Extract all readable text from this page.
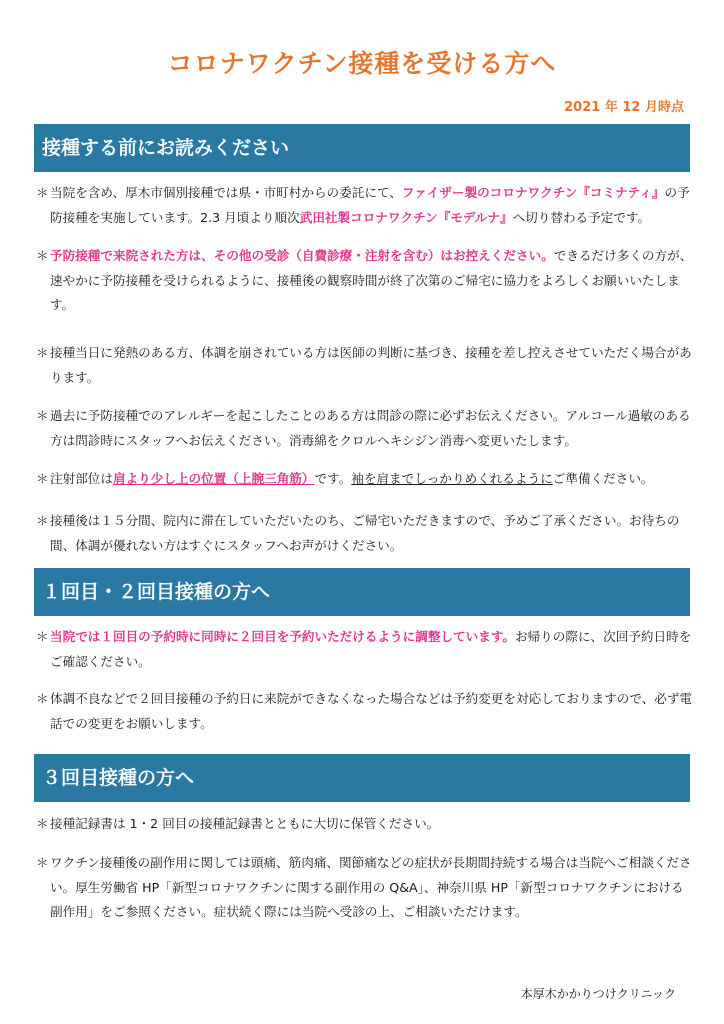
コロナワクチン接種を受ける方へ
2021 年 12 月時点
接種する前にお読みください
＊ 当院を含め、厚木市個別接種では県・市町村からの委託にて、ファイザー製のコロナワクチン『コミナティ』の予防接種を実施しています。2.3 月頃より順次武田社製コロナワクチン『モデルナ』へ切り替わる予定です。
＊ 予防接種で来院された方は、その他の受診（自費診療・注射を含む）はお控えください。できるだけ多くの方が、速やかに予防接種を受けられるように、接種後の観察時間が終了次第のご帰宅に協力をよろしくお願いいたします。
＊ 接種当日に発熱のある方、体調を崩されている方は医師の判断に基づき、接種を差し控えさせていただく場合があります。
＊ 過去に予防接種でのアレルギーを起こしたことのある方は問診の際に必ずお伝えください。アルコール過敏のある方は問診時にスタッフへお伝えください。消毒綿をクロルヘキシジン消毒へ変更いたします。
＊ 注射部位は肩より少し上の位置（上腕三角筋）です。袖を肩までしっかりめくれるようにご準備ください。
＊ 接種後は１５分間、院内に滞在していただいたのち、ご帰宅いただきますので、予めご了承ください。お待ちの間、体調が優れない方はすぐにスタッフへお声がけください。
１回目・２回目接種の方へ
＊ 当院では１回目の予約時に同時に２回目を予約いただけるように調整しています。お帰りの際に、次回予約日時をご確認ください。
＊ 体調不良などで２回目接種の予約日に来院ができなくなった場合などは予約変更を対応しておりますので、必ず電話での変更をお願いします。
３回目接種の方へ
＊ 接種記録書は 1・2 回目の接種記録書とともに大切に保管ください。
＊ ワクチン接種後の副作用に関しては頭痛、筋肉痛、関節痛などの症状が長期間持続する場合は当院へご相談ください。厚生労働省 HP「新型コロナワクチンに関する副作用の Q&A」、神奈川県 HP「新型コロナワクチンにおける副作用」をご参照ください。症状続く際には当院へ受診の上、ご相談いただけます。
本厚木かかりつけクリニック
